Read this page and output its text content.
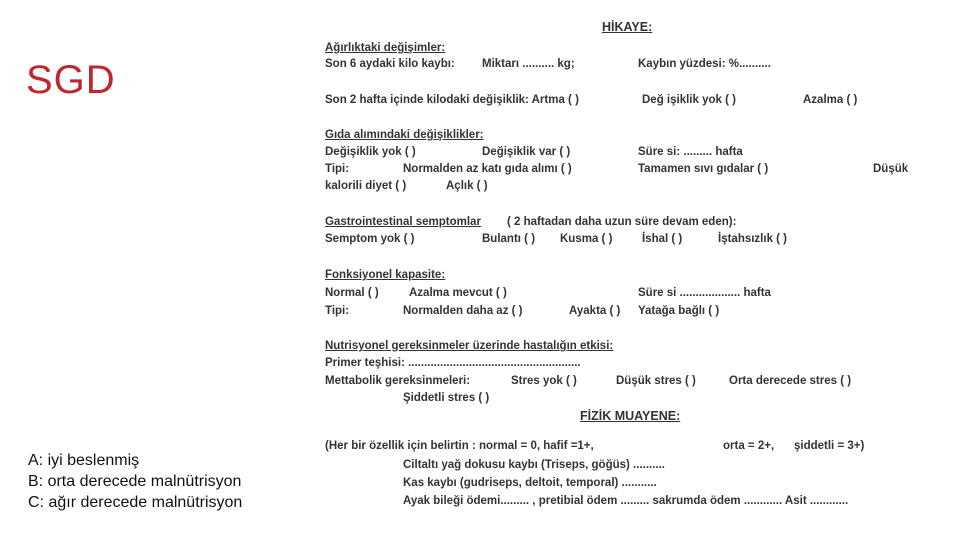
SGD
A: iyi beslenmiş
B: orta derecede malnütrisyon
C: ağır derecede malnütrisyon
HİKAYE:
Ağırlıktaki değişimler:
Son 6 aydaki kilo kaybı: Miktarı .......... kg;	Kaybın yüzdesi: %..........
Son 2 hafta içinde kilodaki değişiklik: Artma ( )	Değ işiklik yok ( )	Azalma ( )
Gıda alımındaki değişiklikler:
Değişiklik yok ( )	Değişiklik var ( )	Süre si: ......... hafta
Tipi:	Normalden az katı gıda alımı ( )	Tamamen sıvı gıdalar ( )	Düşük
kalorili diyet ( )	Açlık ( )
Gastrointestinal semptomlar ( 2 haftadan daha uzun süre devam eden):
Semptom yok ( )	Bulantı ( ) Kusma ( )	İshal ( )	İştahsızlık ( )
Fonksiyonel kapasite:
Normal ( )	Azalma mevcut ( )	Süre si ................... hafta
Tipi:	Normalden daha az ( )	Ayakta ( ) Yatağa bağlı ( )
Nutrisyonel gereksinmeler üzerinde hastalığın etkisi:
Primer teşhisi: ......................................................
Mettabolik gereksinmeleri:	Stres yok ( )	Düşük stres ( )	Orta derecede stres ( )
Şiddetli stres ( )
FİZİK MUAYENE:
(Her bir özellik için belirtin : normal = 0, hafif =1+,	orta = 2+, şiddetli = 3+)
Ciltaltı yağ dokusu kaybı (Triseps, göğüs) ..........
Kas kaybı (gudriseps, deltoit, temporal) ...........
Ayak bileği ödemi......... , pretibial ödem ......... sakrumda ödem ............ Asit ............
